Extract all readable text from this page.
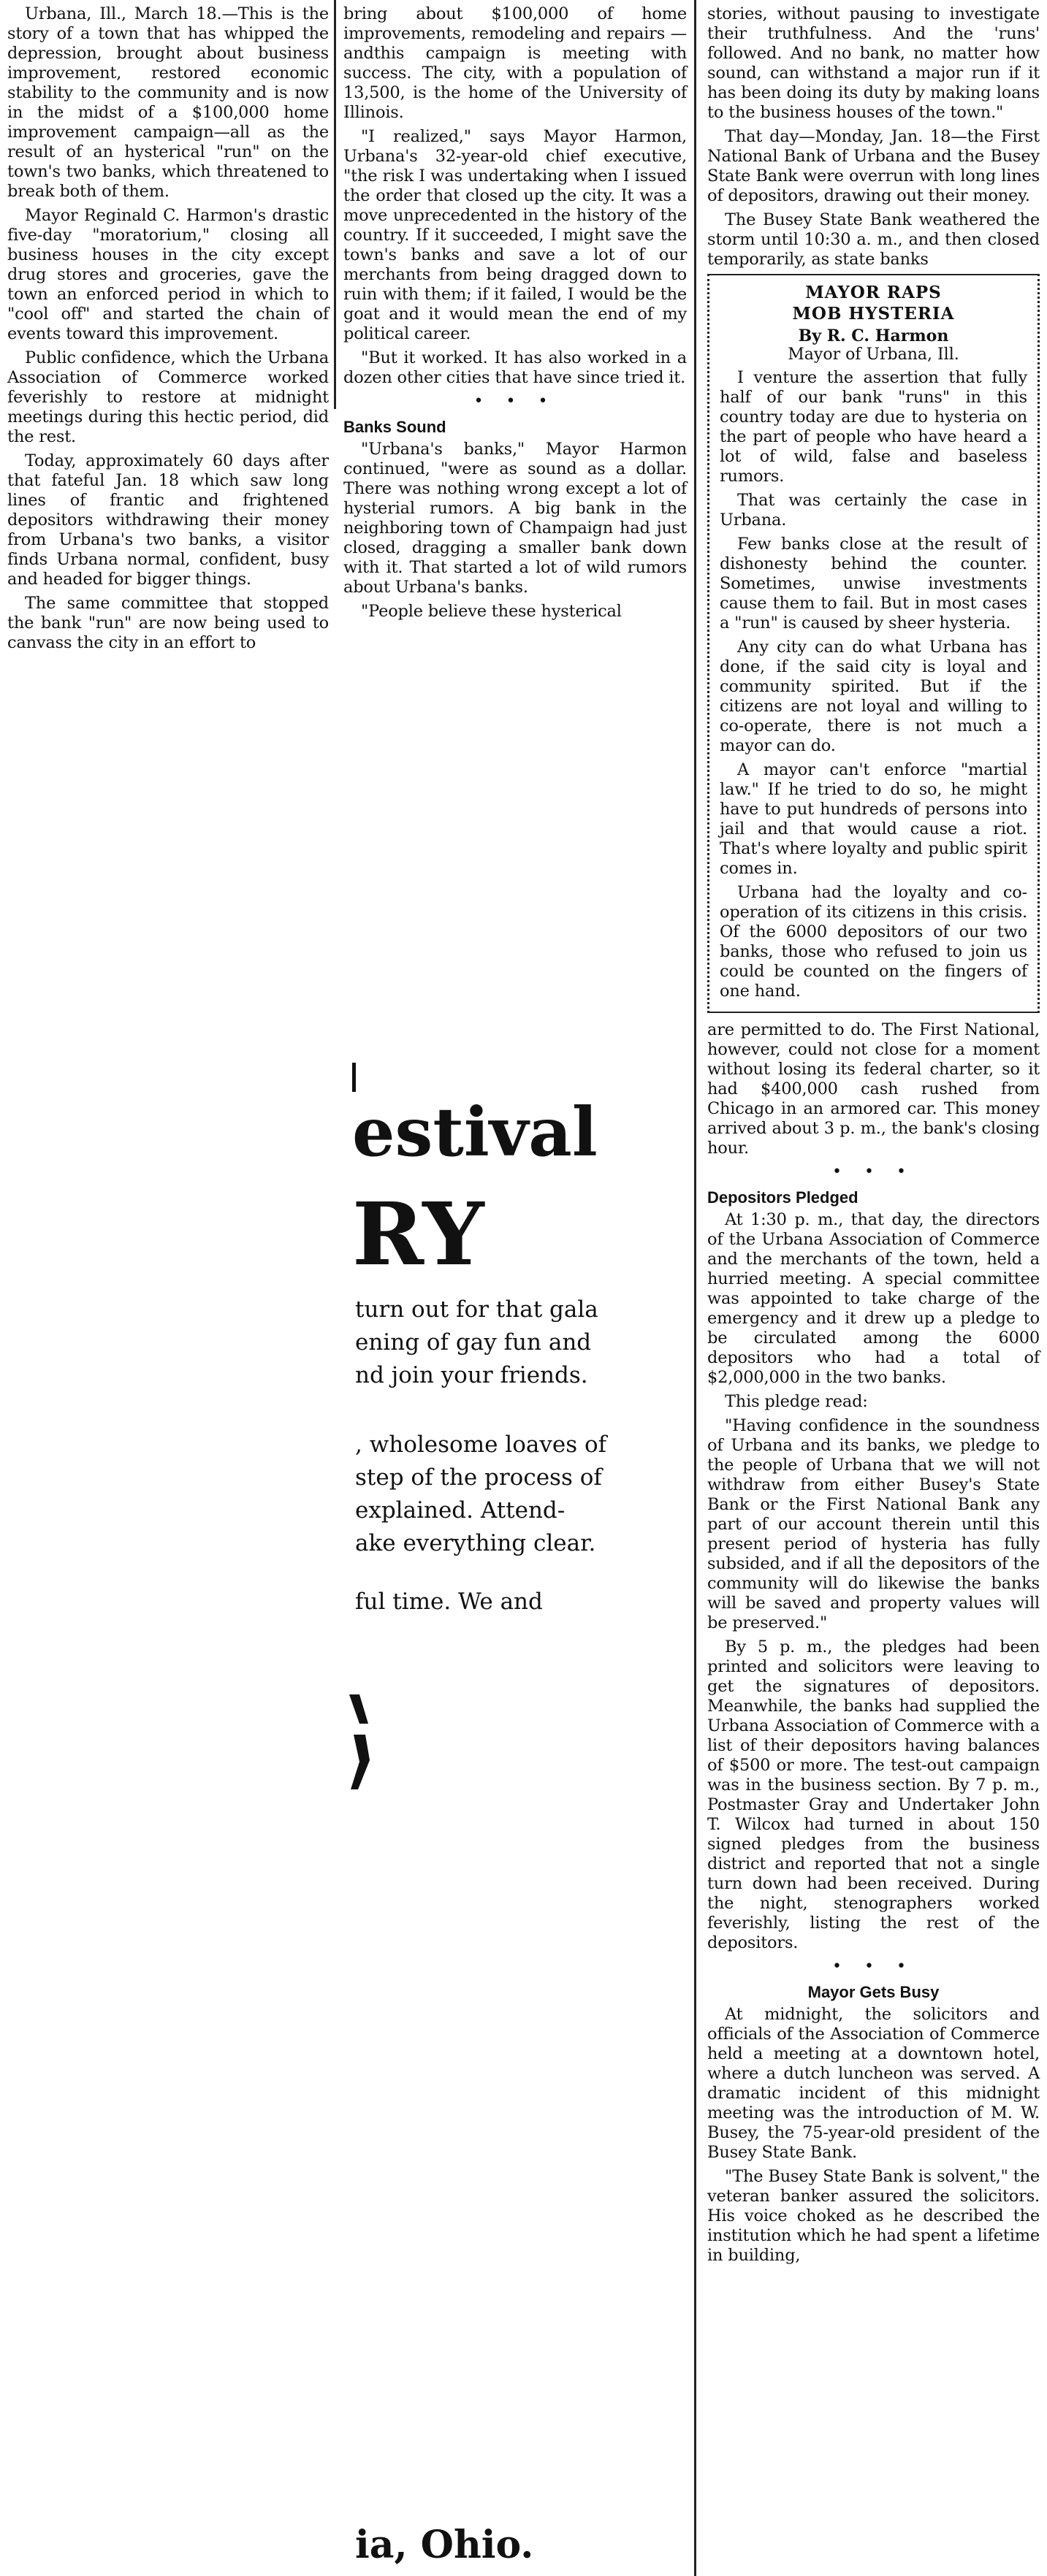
Urbana, Ill., March 18.—This is the story of a town that has whipped the depression, brought about business improvement, restored economic stability to the community and is now in the midst of a $100,000 home improvement campaign—all as the result of an hysterical "run" on the town's two banks, which threatened to break both of them.

Mayor Reginald C. Harmon's drastic five-day "moratorium," closing all business houses in the city except drug stores and groceries, gave the town an enforced period in which to "cool off" and started the chain of events toward this improvement.

Public confidence, which the Urbana Association of Commerce worked feverishly to restore at midnight meetings during this hectic period, did the rest.

Today, approximately 60 days after that fateful Jan. 18 which saw long lines of frantic and frightened depositors withdrawing their money from Urbana's two banks, a visitor finds Urbana normal, confident, busy and headed for bigger things.

The same committee that stopped the bank "run" are now being used to canvass the city in an effort to

bring about $100,000 of home improvements, remodeling and repairs —andthis campaign is meeting with success. The city, with a population of 13,500, is the home of the University of Illinois.

"I realized," says Mayor Harmon, Urbana's 32-year-old chief executive, "the risk I was undertaking when I issued the order that closed up the city. It was a move unprecedented in the history of the country. If it succeeded, I might save the town's banks and save a lot of our merchants from being dragged down to ruin with them; if it failed, I would be the goat and it would mean the end of my political career.

"But it worked. It has also worked in a dozen other cities that have since tried it.

• • •
Banks Sound

"Urbana's banks," Mayor Harmon continued, "were as sound as a dollar. There was nothing wrong except a lot of hysterial rumors. A big bank in the neighboring town of Champaign had just closed, dragging a smaller bank down with it. That started a lot of wild rumors about Urbana's banks.

"People believe these hysterical

estival
RY
turn out for that gala
ening of gay fun and
nd join your friends.
, wholesome loaves of
step of the process of
explained. Attend-
ake everything clear.
ful time. We and
ia, Ohio.

stories, without pausing to investigate their truthfulness. And the 'runs' followed. And no bank, no matter how sound, can withstand a major run if it has been doing its duty by making loans to the business houses of the town."

That day—Monday, Jan. 18—the First National Bank of Urbana and the Busey State Bank were overrun with long lines of depositors, drawing out their money.

The Busey State Bank weathered the storm until 10:30 a. m., and then closed temporarily, as state banks

MAYOR RAPS
MOB HYSTERIA
By R. C. Harmon
Mayor of Urbana, Ill.

I venture the assertion that fully half of our bank "runs" in this country today are due to hysteria on the part of people who have heard a lot of wild, false and baseless rumors.

That was certainly the case in Urbana.

Few banks close at the result of dishonesty behind the counter. Sometimes, unwise investments cause them to fail. But in most cases a "run" is caused by sheer hysteria.

Any city can do what Urbana has done, if the said city is loyal and community spirited. But if the citizens are not loyal and willing to co-operate, there is not much a mayor can do.

A mayor can't enforce "martial law." If he tried to do so, he might have to put hundreds of persons into jail and that would cause a riot. That's where loyalty and public spirit comes in.

Urbana had the loyalty and co-operation of its citizens in this crisis. Of the 6000 depositors of our two banks, those who refused to join us could be counted on the fingers of one hand.

are permitted to do. The First National, however, could not close for a moment without losing its federal charter, so it had $400,000 cash rushed from Chicago in an armored car. This money arrived about 3 p. m., the bank's closing hour.

• • •
Depositors Pledged

At 1:30 p. m., that day, the directors of the Urbana Association of Commerce and the merchants of the town, held a hurried meeting. A special committee was appointed to take charge of the emergency and it drew up a pledge to be circulated among the 6000 depositors who had a total of $2,000,000 in the two banks.

This pledge read:

"Having confidence in the soundness of Urbana and its banks, we pledge to the people of Urbana that we will not withdraw from either Busey's State Bank or the First National Bank any part of our account therein until this present period of hysteria has fully subsided, and if all the depositors of the community will do likewise the banks will be saved and property values will be preserved."

By 5 p. m., the pledges had been printed and solicitors were leaving to get the signatures of depositors. Meanwhile, the banks had supplied the Urbana Association of Commerce with a list of their depositors having balances of $500 or more. The test-out campaign was in the business section. By 7 p. m., Postmaster Gray and Undertaker John T. Wilcox had turned in about 150 signed pledges from the business district and reported that not a single turn down had been received. During the night, stenographers worked feverishly, listing the rest of the depositors.

• • •
Mayor Gets Busy

At midnight, the solicitors and officials of the Association of Commerce held a meeting at a downtown hotel, where a dutch luncheon was served. A dramatic incident of this midnight meeting was the introduction of M. W. Busey, the 75-year-old president of the Busey State Bank.

"The Busey State Bank is solvent," the veteran banker assured the solicitors. His voice choked as he described the institution which he had spent a lifetime in building,
